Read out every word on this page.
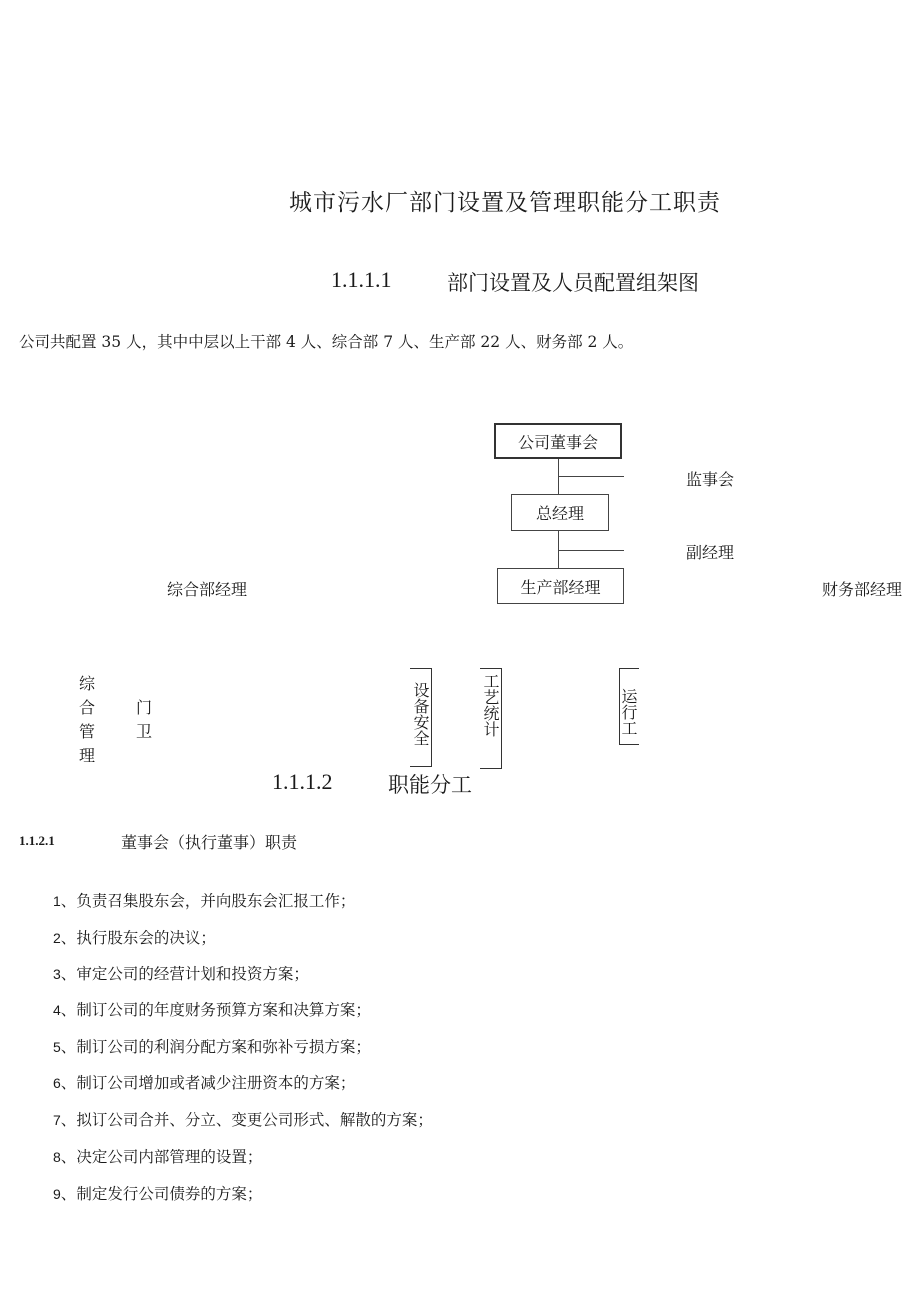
城市污水厂部门设置及管理职能分工职责
1.1.1.1	部门设置及人员配置组架图
公司共配置 35 人，其中中层以上干部 4 人、综合部 7 人、生产部 22 人、财务部 2 人。
公司董事会
监事会
总经理
副经理
生产部经理
综合部经理	财务部经理
综
合
管
理
门
卫	设备安全	工艺统计	运行工
1.1.1.2	职能分工
1.1.2.1	董事会（执行董事）职责
1、负责召集股东会，并向股东会汇报工作；
2、执行股东会的决议；
3、审定公司的经营计划和投资方案；
4、制订公司的年度财务预算方案和决算方案；
5、制订公司的利润分配方案和弥补亏损方案；
6、制订公司增加或者减少注册资本的方案；
7、拟订公司合并、分立、变更公司形式、解散的方案；
8、决定公司内部管理的设置；
9、制定发行公司债券的方案；
